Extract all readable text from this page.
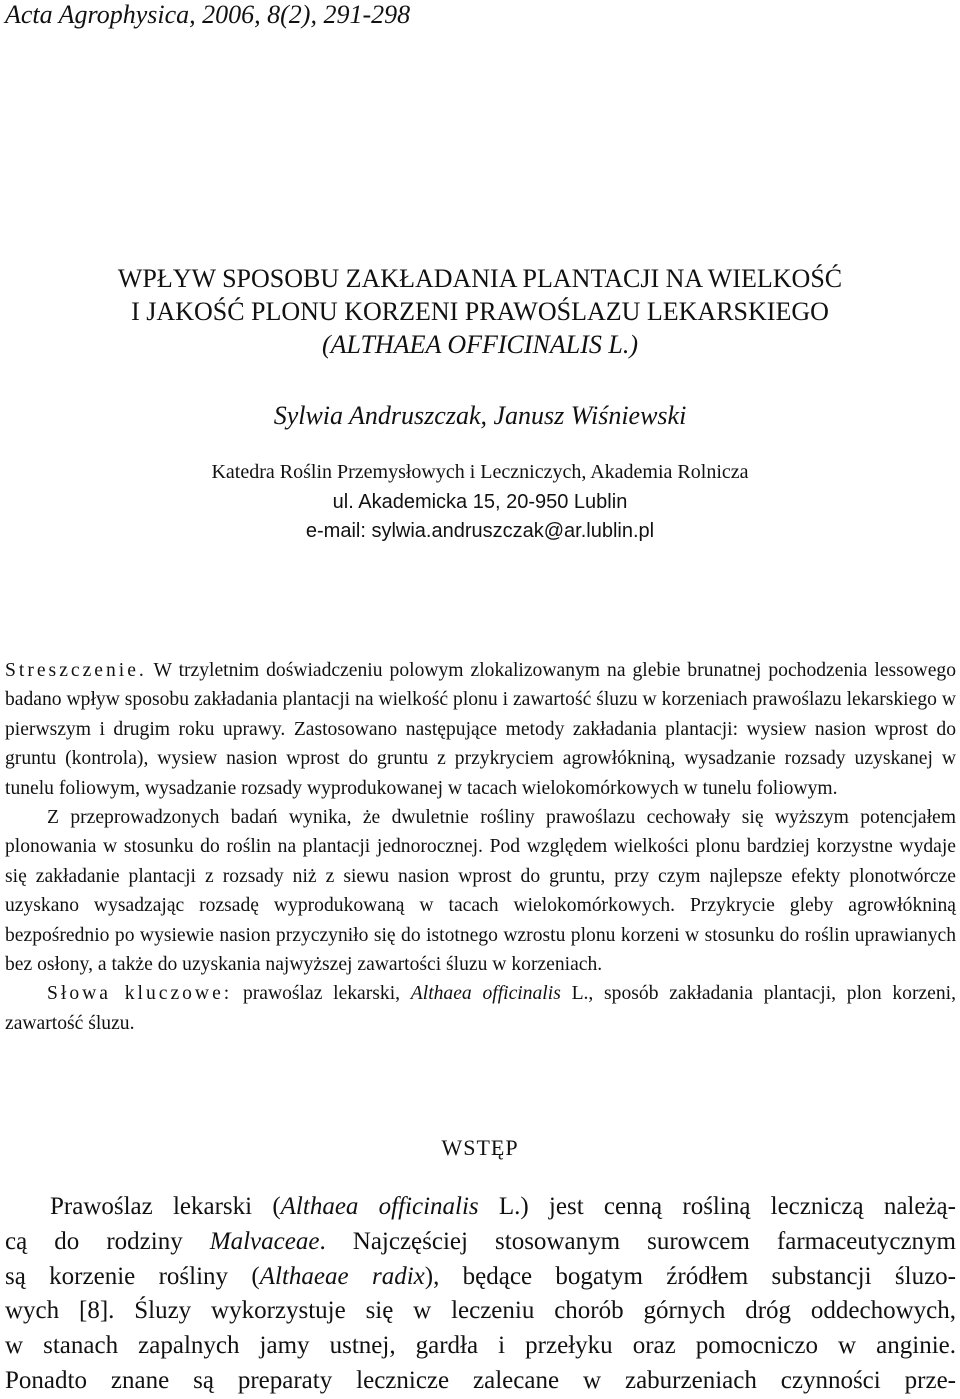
Acta Agrophysica, 2006, 8(2), 291-298
WPŁYW SPOSOBU ZAKŁADANIA PLANTACJI NA WIELKOŚĆ
I JAKOŚĆ PLONU KORZENI PRAWOŚLAZU LEKARSKIEGO
(ALTHAEA OFFICINALIS L.)
Sylwia Andruszczak, Janusz Wiśniewski
Katedra Roślin Przemysłowych i Leczniczych, Akademia Rolnicza
ul. Akademicka 15, 20-950 Lublin
e-mail: sylwia.andruszczak@ar.lublin.pl

Streszczenie. W trzyletnim doświadczeniu polowym zlokalizowanym na glebie brunatnej pochodzenia lessowego badano wpływ sposobu zakładania plantacji na wielkość plonu i zawartość śluzu w korzeniach prawoślazu lekarskiego w pierwszym i drugim roku uprawy. Zastosowano następujące metody zakładania plantacji: wysiew nasion wprost do gruntu (kontrola), wysiew nasion wprost do gruntu z przykryciem agrowłókniną, wysadzanie rozsady uzyskanej w tunelu foliowym, wysadzanie rozsady wyprodukowanej w tacach wielokomórkowych w tunelu foliowym.

Z przeprowadzonych badań wynika, że dwuletnie rośliny prawoślazu cechowały się wyższym potencjałem plonowania w stosunku do roślin na plantacji jednorocznej. Pod względem wielkości plonu bardziej korzystne wydaje się zakładanie plantacji z rozsady niż z siewu nasion wprost do gruntu, przy czym najlepsze efekty plonotwórcze uzyskano wysadzając rozsadę wyprodukowaną w tacach wielokomórkowych. Przykrycie gleby agrowłókniną bezpośrednio po wysiewie nasion przyczyniło się do istotnego wzrostu plonu korzeni w stosunku do roślin uprawianych bez osłony, a także do uzyskania najwyższej zawartości śluzu w korzeniach.

Słowa kluczowe: prawoślaz lekarski, Althaea officinalis L., sposób zakładania plantacji, plon korzeni, zawartość śluzu.

WSTĘP

Prawoślaz lekarski (Althaea officinalis L.) jest cenną rośliną leczniczą należą-
cą do rodziny Malvaceae. Najczęściej stosowanym surowcem farmaceutycznym
są korzenie rośliny (Althaeae radix), będące bogatym źródłem substancji śluzo-
wych [8]. Śluzy wykorzystuje się w leczeniu chorób górnych dróg oddechowych,
w stanach zapalnych jamy ustnej, gardła i przełyku oraz pomocniczo w anginie.
Ponadto znane są preparaty lecznicze zalecane w zaburzeniach czynności prze-
